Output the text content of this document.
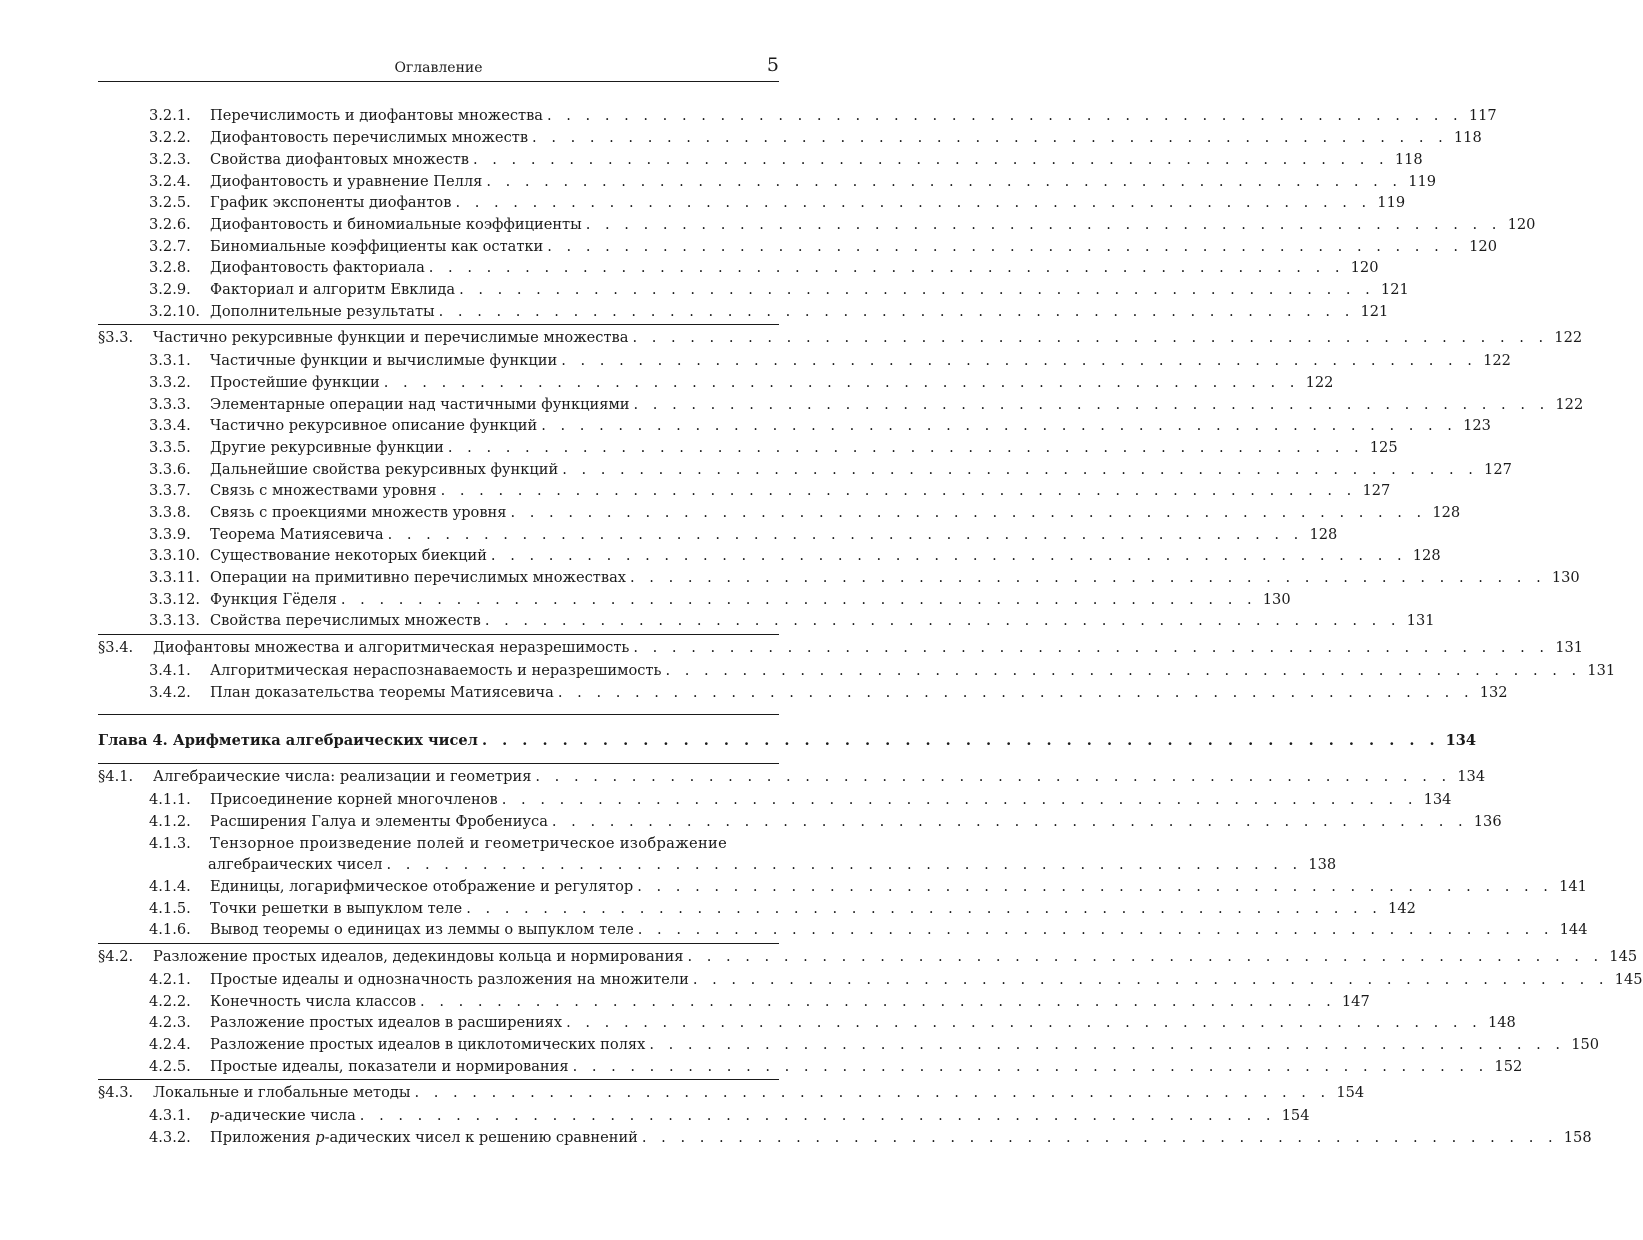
Оглавление	5
3.2.1. Перечислимость и диофантовы множества . . . . . . . . . . . . . . . . . . . . . . . . . . . . . . . . . . . . . . . . . . . . . . . . 117
3.2.2. Диофантовость перечислимых множеств . . . . . . . . . . . . . . . . . . . . . . . . . . . . . . . . . . . . . . . . . . . . . . . . 118
3.2.3. Свойства диофантовых множеств . . . . . . . . . . . . . . . . . . . . . . . . . . . . . . . . . . . . . . . . . . . . . . . . 118
3.2.4. Диофантовость и уравнение Пелля . . . . . . . . . . . . . . . . . . . . . . . . . . . . . . . . . . . . . . . . . . . . . . . . 119
3.2.5. График экспоненты диофантов . . . . . . . . . . . . . . . . . . . . . . . . . . . . . . . . . . . . . . . . . . . . . . . . 119
3.2.6. Диофантовость и биномиальные коэффициенты . . . . . . . . . . . . . . . . . . . . . . . . . . . . . . . . . . . . . . . . . . . . . . . . 120
3.2.7. Биномиальные коэффициенты как остатки . . . . . . . . . . . . . . . . . . . . . . . . . . . . . . . . . . . . . . . . . . . . . . . . 120
3.2.8. Диофантовость факториала . . . . . . . . . . . . . . . . . . . . . . . . . . . . . . . . . . . . . . . . . . . . . . . . 120
3.2.9. Факториал и алгоритм Евклида . . . . . . . . . . . . . . . . . . . . . . . . . . . . . . . . . . . . . . . . . . . . . . . . 121
3.2.10. Дополнительные результаты . . . . . . . . . . . . . . . . . . . . . . . . . . . . . . . . . . . . . . . . . . . . . . . . 121
§3.3. Частично рекурсивные функции и перечислимые множества . . . . . . . . . . . . . . . . . . . . . . . . . . . . . . . . . . . . . . . . . . . . . . . . 122
3.3.1. Частичные функции и вычислимые функции . . . . . . . . . . . . . . . . . . . . . . . . . . . . . . . . . . . . . . . . . . . . . . . . 122
3.3.2. Простейшие функции . . . . . . . . . . . . . . . . . . . . . . . . . . . . . . . . . . . . . . . . . . . . . . . . 122
3.3.3. Элементарные операции над частичными функциями . . . . . . . . . . . . . . . . . . . . . . . . . . . . . . . . . . . . . . . . . . . . . . . . 122
3.3.4. Частично рекурсивное описание функций . . . . . . . . . . . . . . . . . . . . . . . . . . . . . . . . . . . . . . . . . . . . . . . . 123
3.3.5. Другие рекурсивные функции . . . . . . . . . . . . . . . . . . . . . . . . . . . . . . . . . . . . . . . . . . . . . . . . 125
3.3.6. Дальнейшие свойства рекурсивных функций . . . . . . . . . . . . . . . . . . . . . . . . . . . . . . . . . . . . . . . . . . . . . . . . 127
3.3.7. Связь с множествами уровня . . . . . . . . . . . . . . . . . . . . . . . . . . . . . . . . . . . . . . . . . . . . . . . . 127
3.3.8. Связь с проекциями множеств уровня . . . . . . . . . . . . . . . . . . . . . . . . . . . . . . . . . . . . . . . . . . . . . . . . 128
3.3.9. Теорема Матиясевича . . . . . . . . . . . . . . . . . . . . . . . . . . . . . . . . . . . . . . . . . . . . . . . . 128
3.3.10. Существование некоторых биекций . . . . . . . . . . . . . . . . . . . . . . . . . . . . . . . . . . . . . . . . . . . . . . . . 128
3.3.11. Операции на примитивно перечислимых множествах . . . . . . . . . . . . . . . . . . . . . . . . . . . . . . . . . . . . . . . . . . . . . . . . 130
3.3.12. Функция Гёделя . . . . . . . . . . . . . . . . . . . . . . . . . . . . . . . . . . . . . . . . . . . . . . . . 130
3.3.13. Свойства перечислимых множеств . . . . . . . . . . . . . . . . . . . . . . . . . . . . . . . . . . . . . . . . . . . . . . . . 131
§3.4. Диофантовы множества и алгоритмическая неразрешимость . . . . . . . . . . . . . . . . . . . . . . . . . . . . . . . . . . . . . . . . . . . . . . . . 131
3.4.1. Алгоритмическая нераспознаваемость и неразрешимость . . . . . . . . . . . . . . . . . . . . . . . . . . . . . . . . . . . . . . . . . . . . . . . . 131
3.4.2. План доказательства теоремы Матиясевича . . . . . . . . . . . . . . . . . . . . . . . . . . . . . . . . . . . . . . . . . . . . . . . . 132
Глава 4. Арифметика алгебраических чисел . . . . . . . . . . . . . . . . . . . . . . . . . . . . . . . . . . . . . . . . . . . . . . . . 134
§4.1. Алгебраические числа: реализации и геометрия . . . . . . . . . . . . . . . . . . . . . . . . . . . . . . . . . . . . . . . . . . . . . . . . 134
4.1.1. Присоединение корней многочленов . . . . . . . . . . . . . . . . . . . . . . . . . . . . . . . . . . . . . . . . . . . . . . . . 134
4.1.2. Расширения Галуа и элементы Фробениуса . . . . . . . . . . . . . . . . . . . . . . . . . . . . . . . . . . . . . . . . . . . . . . . . 136
4.1.3. Тензорное произведение полей и геометрическое изображение
алгебраических чисел . . . . . . . . . . . . . . . . . . . . . . . . . . . . . . . . . . . . . . . . . . . . . . . . 138
4.1.4. Единицы, логарифмическое отображение и регулятор . . . . . . . . . . . . . . . . . . . . . . . . . . . . . . . . . . . . . . . . . . . . . . . . 141
4.1.5. Точки решетки в выпуклом теле . . . . . . . . . . . . . . . . . . . . . . . . . . . . . . . . . . . . . . . . . . . . . . . . 142
4.1.6. Вывод теоремы о единицах из леммы о выпуклом теле . . . . . . . . . . . . . . . . . . . . . . . . . . . . . . . . . . . . . . . . . . . . . . . . 144
§4.2. Разложение простых идеалов, дедекиндовы кольца и нормирования . . . . . . . . . . . . . . . . . . . . . . . . . . . . . . . . . . . . . . . . . . . . . . . . 145
4.2.1. Простые идеалы и однозначность разложения на множители . . . . . . . . . . . . . . . . . . . . . . . . . . . . . . . . . . . . . . . . . . . . . . . . 145
4.2.2. Конечность числа классов . . . . . . . . . . . . . . . . . . . . . . . . . . . . . . . . . . . . . . . . . . . . . . . . 147
4.2.3. Разложение простых идеалов в расширениях . . . . . . . . . . . . . . . . . . . . . . . . . . . . . . . . . . . . . . . . . . . . . . . . 148
4.2.4. Разложение простых идеалов в циклотомических полях . . . . . . . . . . . . . . . . . . . . . . . . . . . . . . . . . . . . . . . . . . . . . . . . 150
4.2.5. Простые идеалы, показатели и нормирования . . . . . . . . . . . . . . . . . . . . . . . . . . . . . . . . . . . . . . . . . . . . . . . . 152
§4.3. Локальные и глобальные методы . . . . . . . . . . . . . . . . . . . . . . . . . . . . . . . . . . . . . . . . . . . . . . . . 154
4.3.1. p-адические числа . . . . . . . . . . . . . . . . . . . . . . . . . . . . . . . . . . . . . . . . . . . . . . . . 154
4.3.2. Приложения p-адических чисел к решению сравнений . . . . . . . . . . . . . . . . . . . . . . . . . . . . . . . . . . . . . . . . . . . . . . . . 158
